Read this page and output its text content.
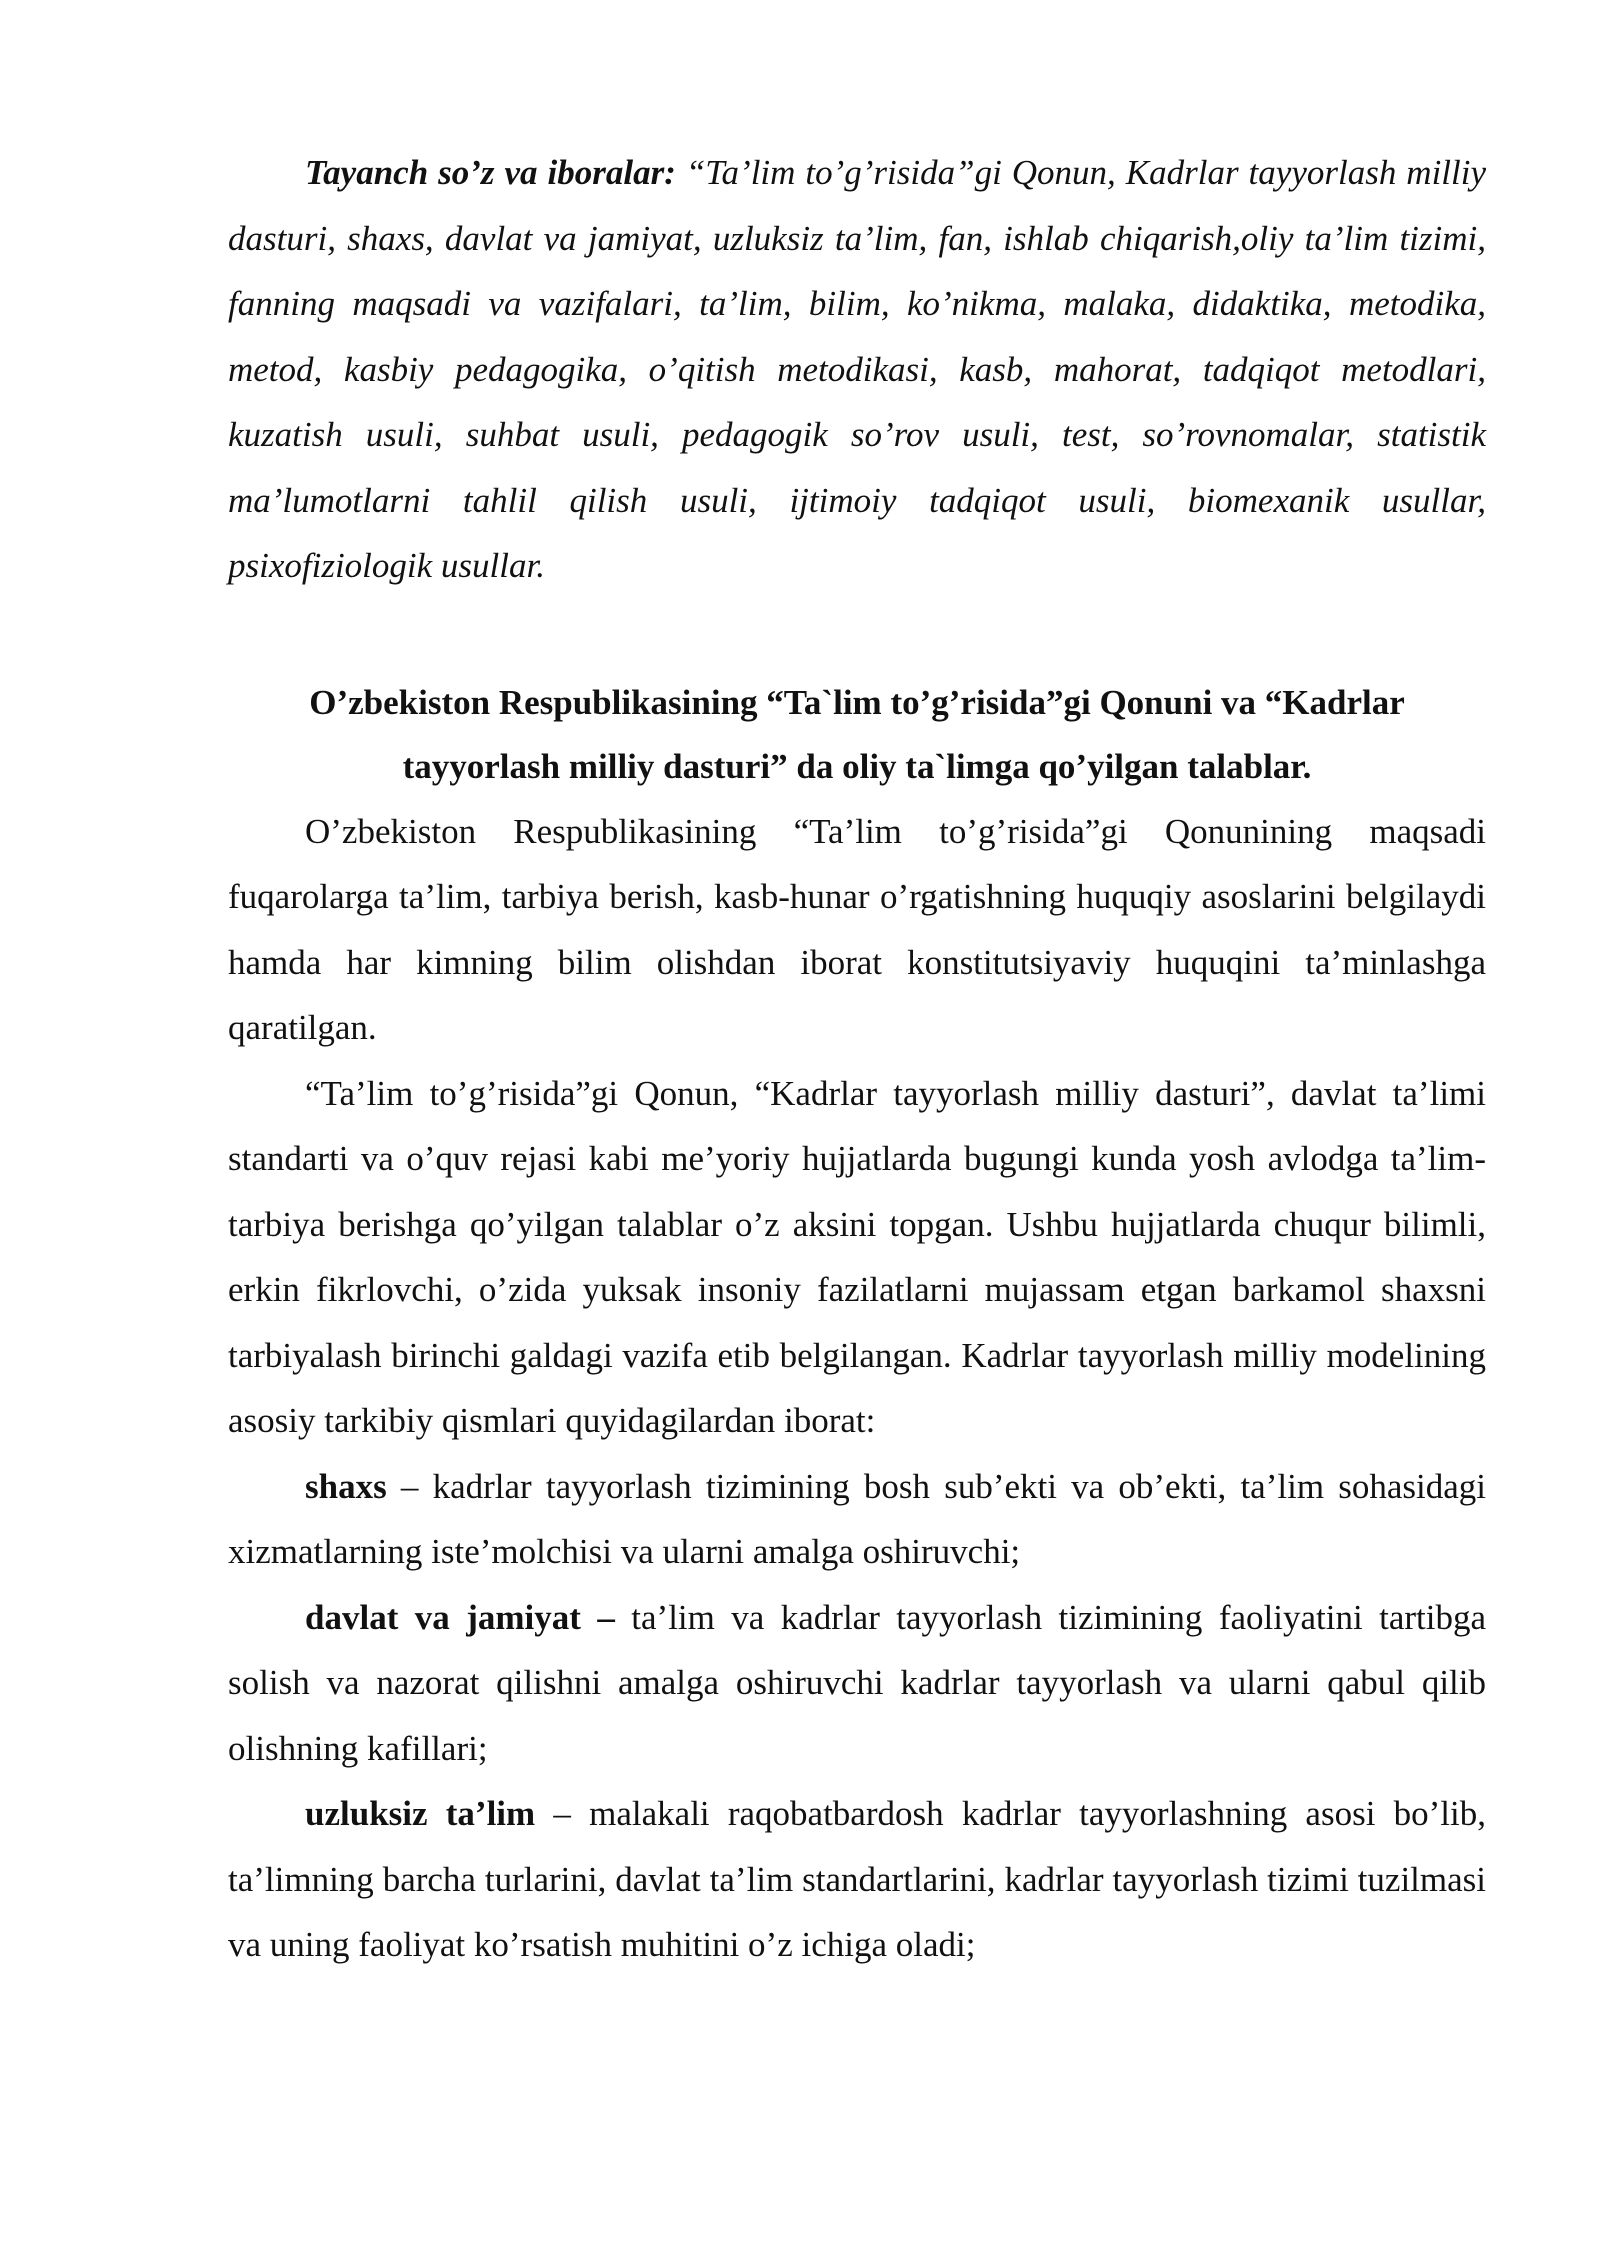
Tayanch so’z va iboralar: “Ta’lim to’g’risida”gi Qonun, Kadrlar tayyorlash milliy dasturi, shaxs, davlat va jamiyat, uzluksiz ta’lim, fan, ishlab chiqarish,oliy ta’lim tizimi, fanning maqsadi va vazifalari, ta’lim, bilim, ko’nikma, malaka, didaktika, metodika, metod, kasbiy pedagogika, o’qitish metodikasi, kasb, mahorat, tadqiqot metodlari, kuzatish usuli, suhbat usuli, pedagogik so’rov usuli, test, so’rovnomalar, statistik ma’lumotlarni tahlil qilish usuli, ijtimoiy tadqiqot usuli, biomexanik usullar, psixofiziologik usullar.

O’zbekiston Respublikasining “Ta`lim to’g’risida”gi Qonuni va “Kadrlar
tayyorlash milliy dasturi” da oliy ta`limga qo’yilgan talablar.

O’zbekiston Respublikasining “Ta’lim to’g’risida”gi Qonunining maqsadi fuqarolarga ta’lim, tarbiya berish, kasb-hunar o’rgatishning huquqiy asoslarini belgilaydi hamda har kimning bilim olishdan iborat konstitutsiyaviy huquqini ta’minlashga qaratilgan.

“Ta’lim to’g’risida”gi Qonun, “Kadrlar tayyorlash milliy dasturi”, davlat ta’limi standarti va o’quv rejasi kabi me’yoriy hujjatlarda bugungi kunda yosh avlodga ta’lim-tarbiya berishga qo’yilgan talablar o’z aksini topgan. Ushbu hujjatlarda chuqur bilimli, erkin fikrlovchi, o’zida yuksak insoniy fazilatlarni mujassam etgan barkamol shaxsni tarbiyalash birinchi galdagi vazifa etib belgilangan. Kadrlar tayyorlash milliy modelining asosiy tarkibiy qismlari quyidagilardan iborat:

shaxs – kadrlar tayyorlash tizimining bosh sub’ekti va ob’ekti, ta’lim sohasidagi xizmatlarning iste’molchisi va ularni amalga oshiruvchi;

davlat va jamiyat – ta’lim va kadrlar tayyorlash tizimining faoliyatini tartibga solish va nazorat qilishni amalga oshiruvchi kadrlar tayyorlash va ularni qabul qilib olishning kafillari;

uzluksiz ta’lim – malakali raqobatbardosh kadrlar tayyorlashning asosi bo’lib, ta’limning barcha turlarini, davlat ta’lim standartlarini, kadrlar tayyorlash tizimi tuzilmasi va uning faoliyat ko’rsatish muhitini o’z ichiga oladi;
